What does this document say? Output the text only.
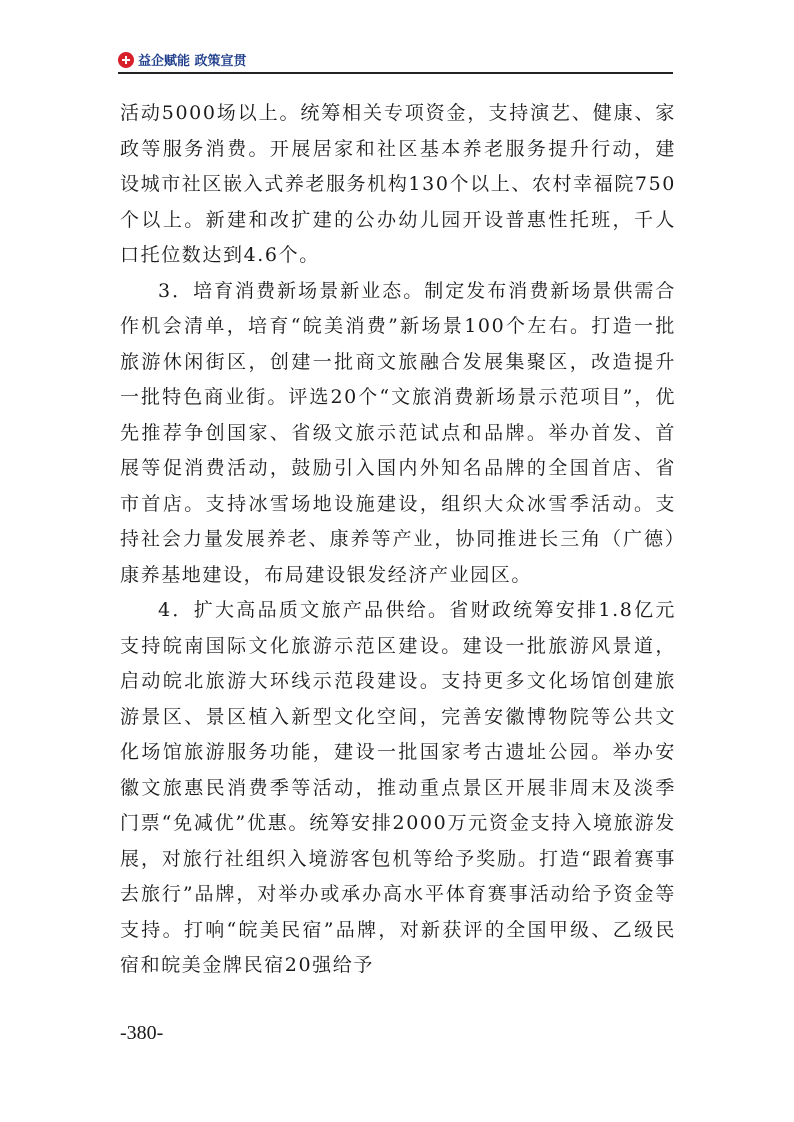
益企赋能 政策宣贯

活动5000场以上。统筹相关专项资金，支持演艺、健康、家政等服务消费。开展居家和社区基本养老服务提升行动，建设城市社区嵌入式养老服务机构130个以上、农村幸福院750个以上。新建和改扩建的公办幼儿园开设普惠性托班，千人口托位数达到4.6个。

3．培育消费新场景新业态。制定发布消费新场景供需合作机会清单，培育“皖美消费”新场景100个左右。打造一批旅游休闲街区，创建一批商文旅融合发展集聚区，改造提升一批特色商业街。评选20个“文旅消费新场景示范项目”，优先推荐争创国家、省级文旅示范试点和品牌。举办首发、首展等促消费活动，鼓励引入国内外知名品牌的全国首店、省市首店。支持冰雪场地设施建设，组织大众冰雪季活动。支持社会力量发展养老、康养等产业，协同推进长三角（广德）康养基地建设，布局建设银发经济产业园区。

4．扩大高品质文旅产品供给。省财政统筹安排1.8亿元支持皖南国际文化旅游示范区建设。建设一批旅游风景道，启动皖北旅游大环线示范段建设。支持更多文化场馆创建旅游景区、景区植入新型文化空间，完善安徽博物院等公共文化场馆旅游服务功能，建设一批国家考古遗址公园。举办安徽文旅惠民消费季等活动，推动重点景区开展非周末及淡季门票“免减优”优惠。统筹安排2000万元资金支持入境旅游发展，对旅行社组织入境游客包机等给予奖励。打造“跟着赛事去旅行”品牌，对举办或承办高水平体育赛事活动给予资金等支持。打响“皖美民宿”品牌，对新获评的全国甲级、乙级民宿和皖美金牌民宿20强给予

-380-
